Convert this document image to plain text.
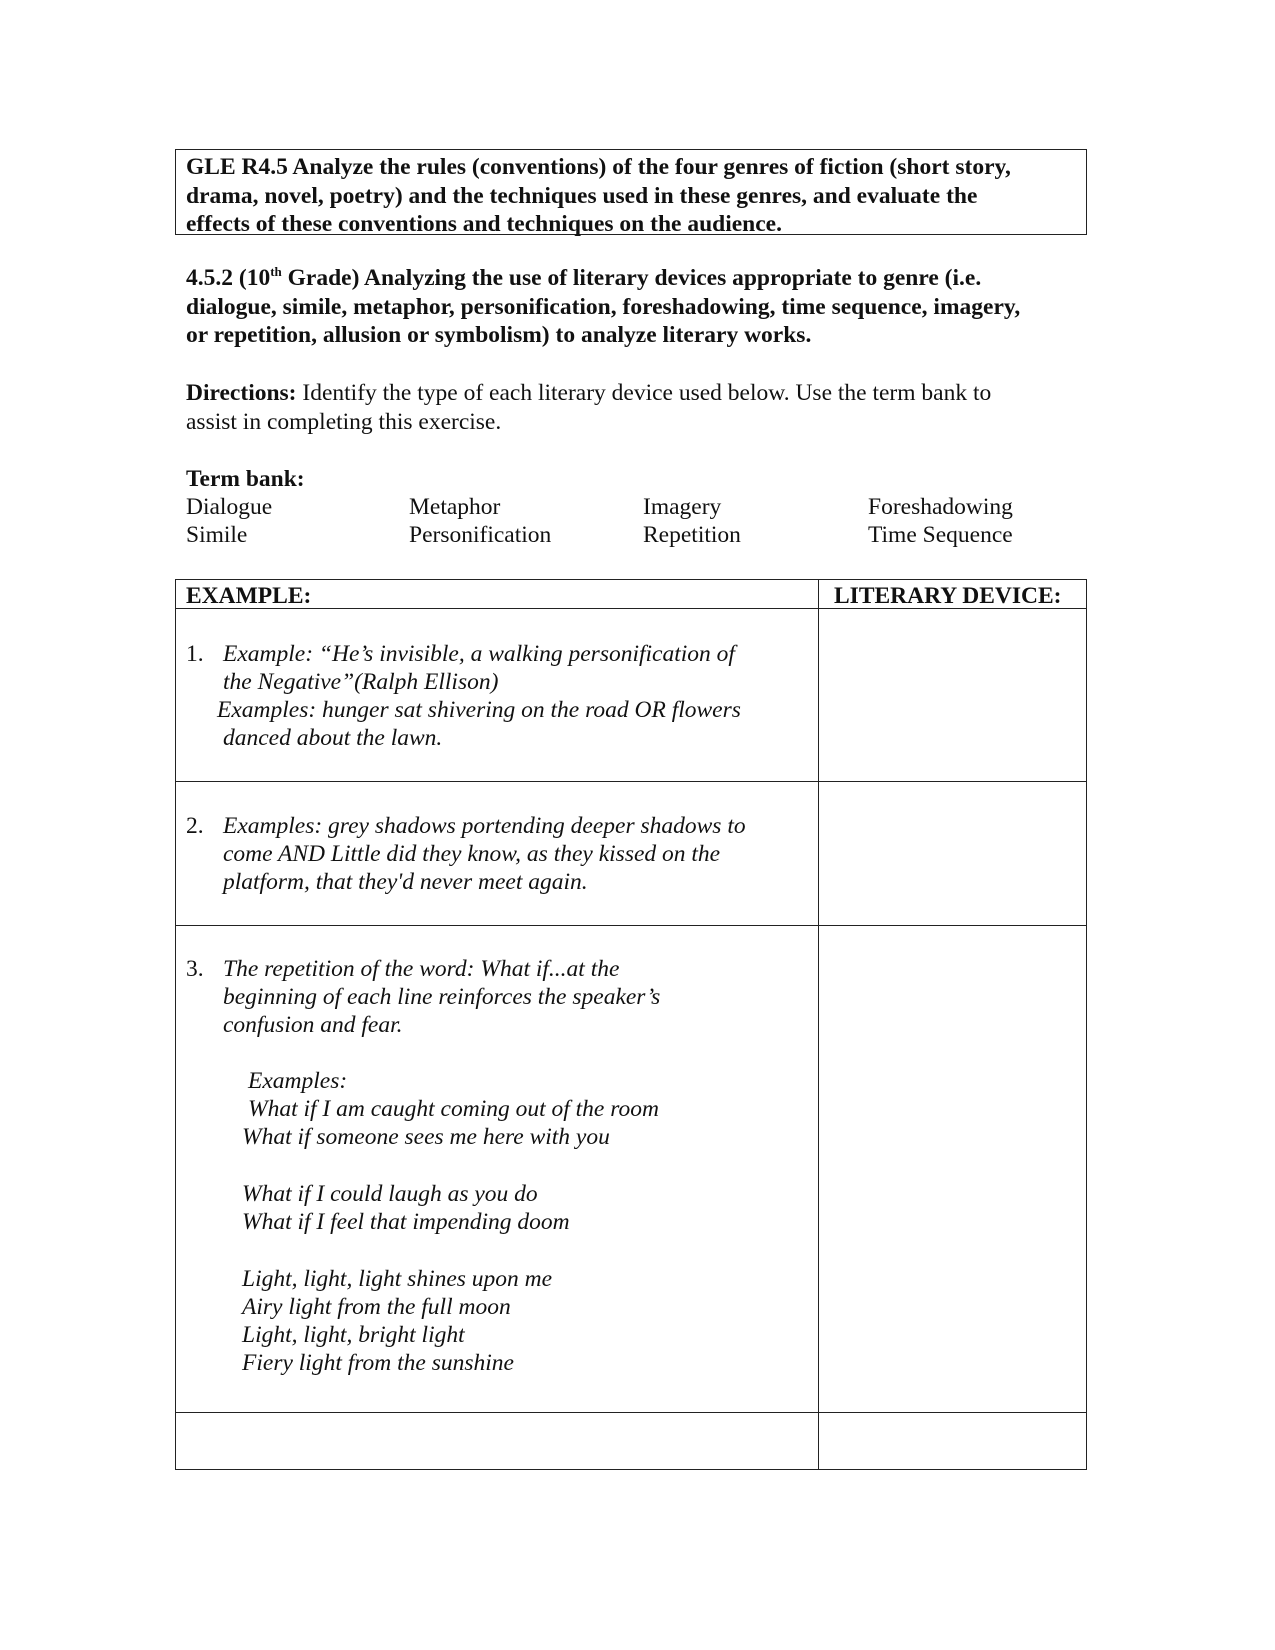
GLE R4.5 Analyze the rules (conventions) of the four genres of fiction (short story,
drama, novel, poetry) and the techniques used in these genres, and evaluate the
effects of these conventions and techniques on the audience.
4.5.2 (10th Grade) Analyzing the use of literary devices appropriate to genre (i.e.
dialogue, simile, metaphor, personification, foreshadowing, time sequence, imagery,
or repetition, allusion or symbolism) to analyze literary works.
Directions: Identify the type of each literary device used below. Use the term bank to
assist in completing this exercise.
Term bank:
Dialogue	Metaphor	Imagery	Foreshadowing
Simile	Personification	Repetition	Time Sequence
EXAMPLE:	LITERARY DEVICE:
1. Example: “He’s invisible, a walking personification of
the Negative”(Ralph Ellison)
Examples: hunger sat shivering on the road OR flowers
danced about the lawn.
2. Examples: grey shadows portending deeper shadows to
come AND Little did they know, as they kissed on the
platform, that they'd never meet again.
3. The repetition of the word: What if...at the
beginning of each line reinforces the speaker’s
confusion and fear.
Examples:
What if I am caught coming out of the room
What if someone sees me here with you
What if I could laugh as you do
What if I feel that impending doom
Light, light, light shines upon me
Airy light from the full moon
Light, light, bright light
Fiery light from the sunshine
